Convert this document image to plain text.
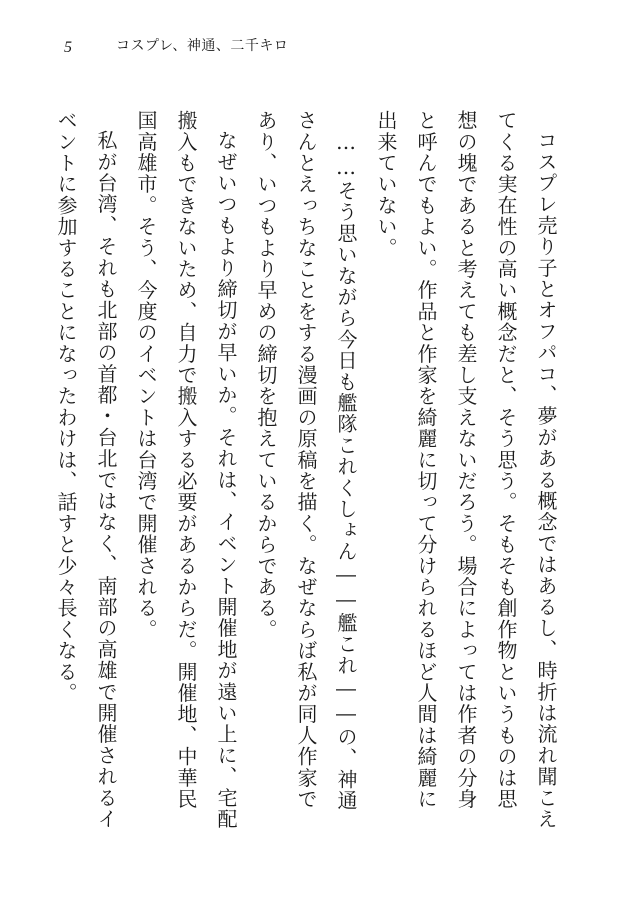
5	コスプレ、神通、二千キロ

コスプレ売り子とオフパコ、夢がある概念ではあるし、時折は流れ聞こえてくる実在性の高い概念だと、そう思う。そもそも創作物というものは思想の塊であると考えても差し支えないだろう。場合によっては作者の分身と呼んでもよい。作品と作家を綺麗に切って分けられるほど人間は綺麗に出来ていない。

……そう思いながら今日も艦隊これくしょん――艦これ――の、神通さんとえっちなことをする漫画の原稿を描く。なぜならば私が同人作家であり、いつもより早めの締切を抱えているからである。

なぜいつもより締切が早いか。それは、イベント開催地が遠い上に、宅配搬入もできないため、自力で搬入する必要があるからだ。開催地、中華民国高雄市。そう、今度のイベントは台湾で開催される。

私が台湾、それも北部の首都・台北ではなく、南部の高雄で開催されるイベントに参加することになったわけは、話すと少々長くなる。
